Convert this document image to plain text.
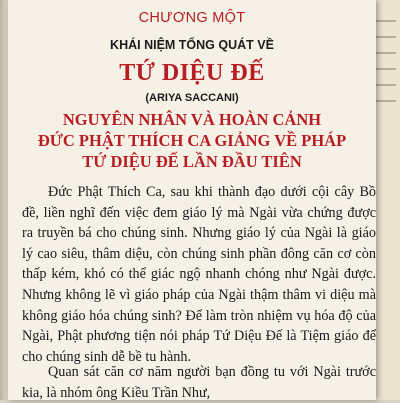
CHƯƠNG MỘT
KHÁI NIỆM TỔNG QUÁT VỀ
TỨ DIỆU ĐẾ
(ARIYA SACCANI)
NGUYÊN NHÂN VÀ HOÀN CẢNH
ĐỨC PHẬT THÍCH CA GIẢNG VỀ PHÁP
TỨ DIỆU ĐẾ LẦN ĐẦU TIÊN

Đức Phật Thích Ca, sau khi thành đạo dưới cội cây Bồ đề, liền nghĩ đến việc đem giáo lý mà Ngài vừa chứng được ra truyền bá cho chúng sinh. Nhưng giáo lý của Ngài là giáo lý cao siêu, thâm diệu, còn chúng sinh phần đông căn cơ còn thấp kém, khó có thể giác ngộ nhanh chóng như Ngài được. Nhưng không lẽ vì giáo pháp của Ngài thậm thâm vi diệu mà không giáo hóa chúng sinh? Để làm tròn nhiệm vụ hóa độ của Ngài, Phật phương tiện nói pháp Tứ Diệu Đế là Tiệm giáo để cho chúng sinh dễ bề tu hành.

Quan sát căn cơ năm người bạn đồng tu với Ngài trước kia, là nhóm ông Kiều Trần Như,
